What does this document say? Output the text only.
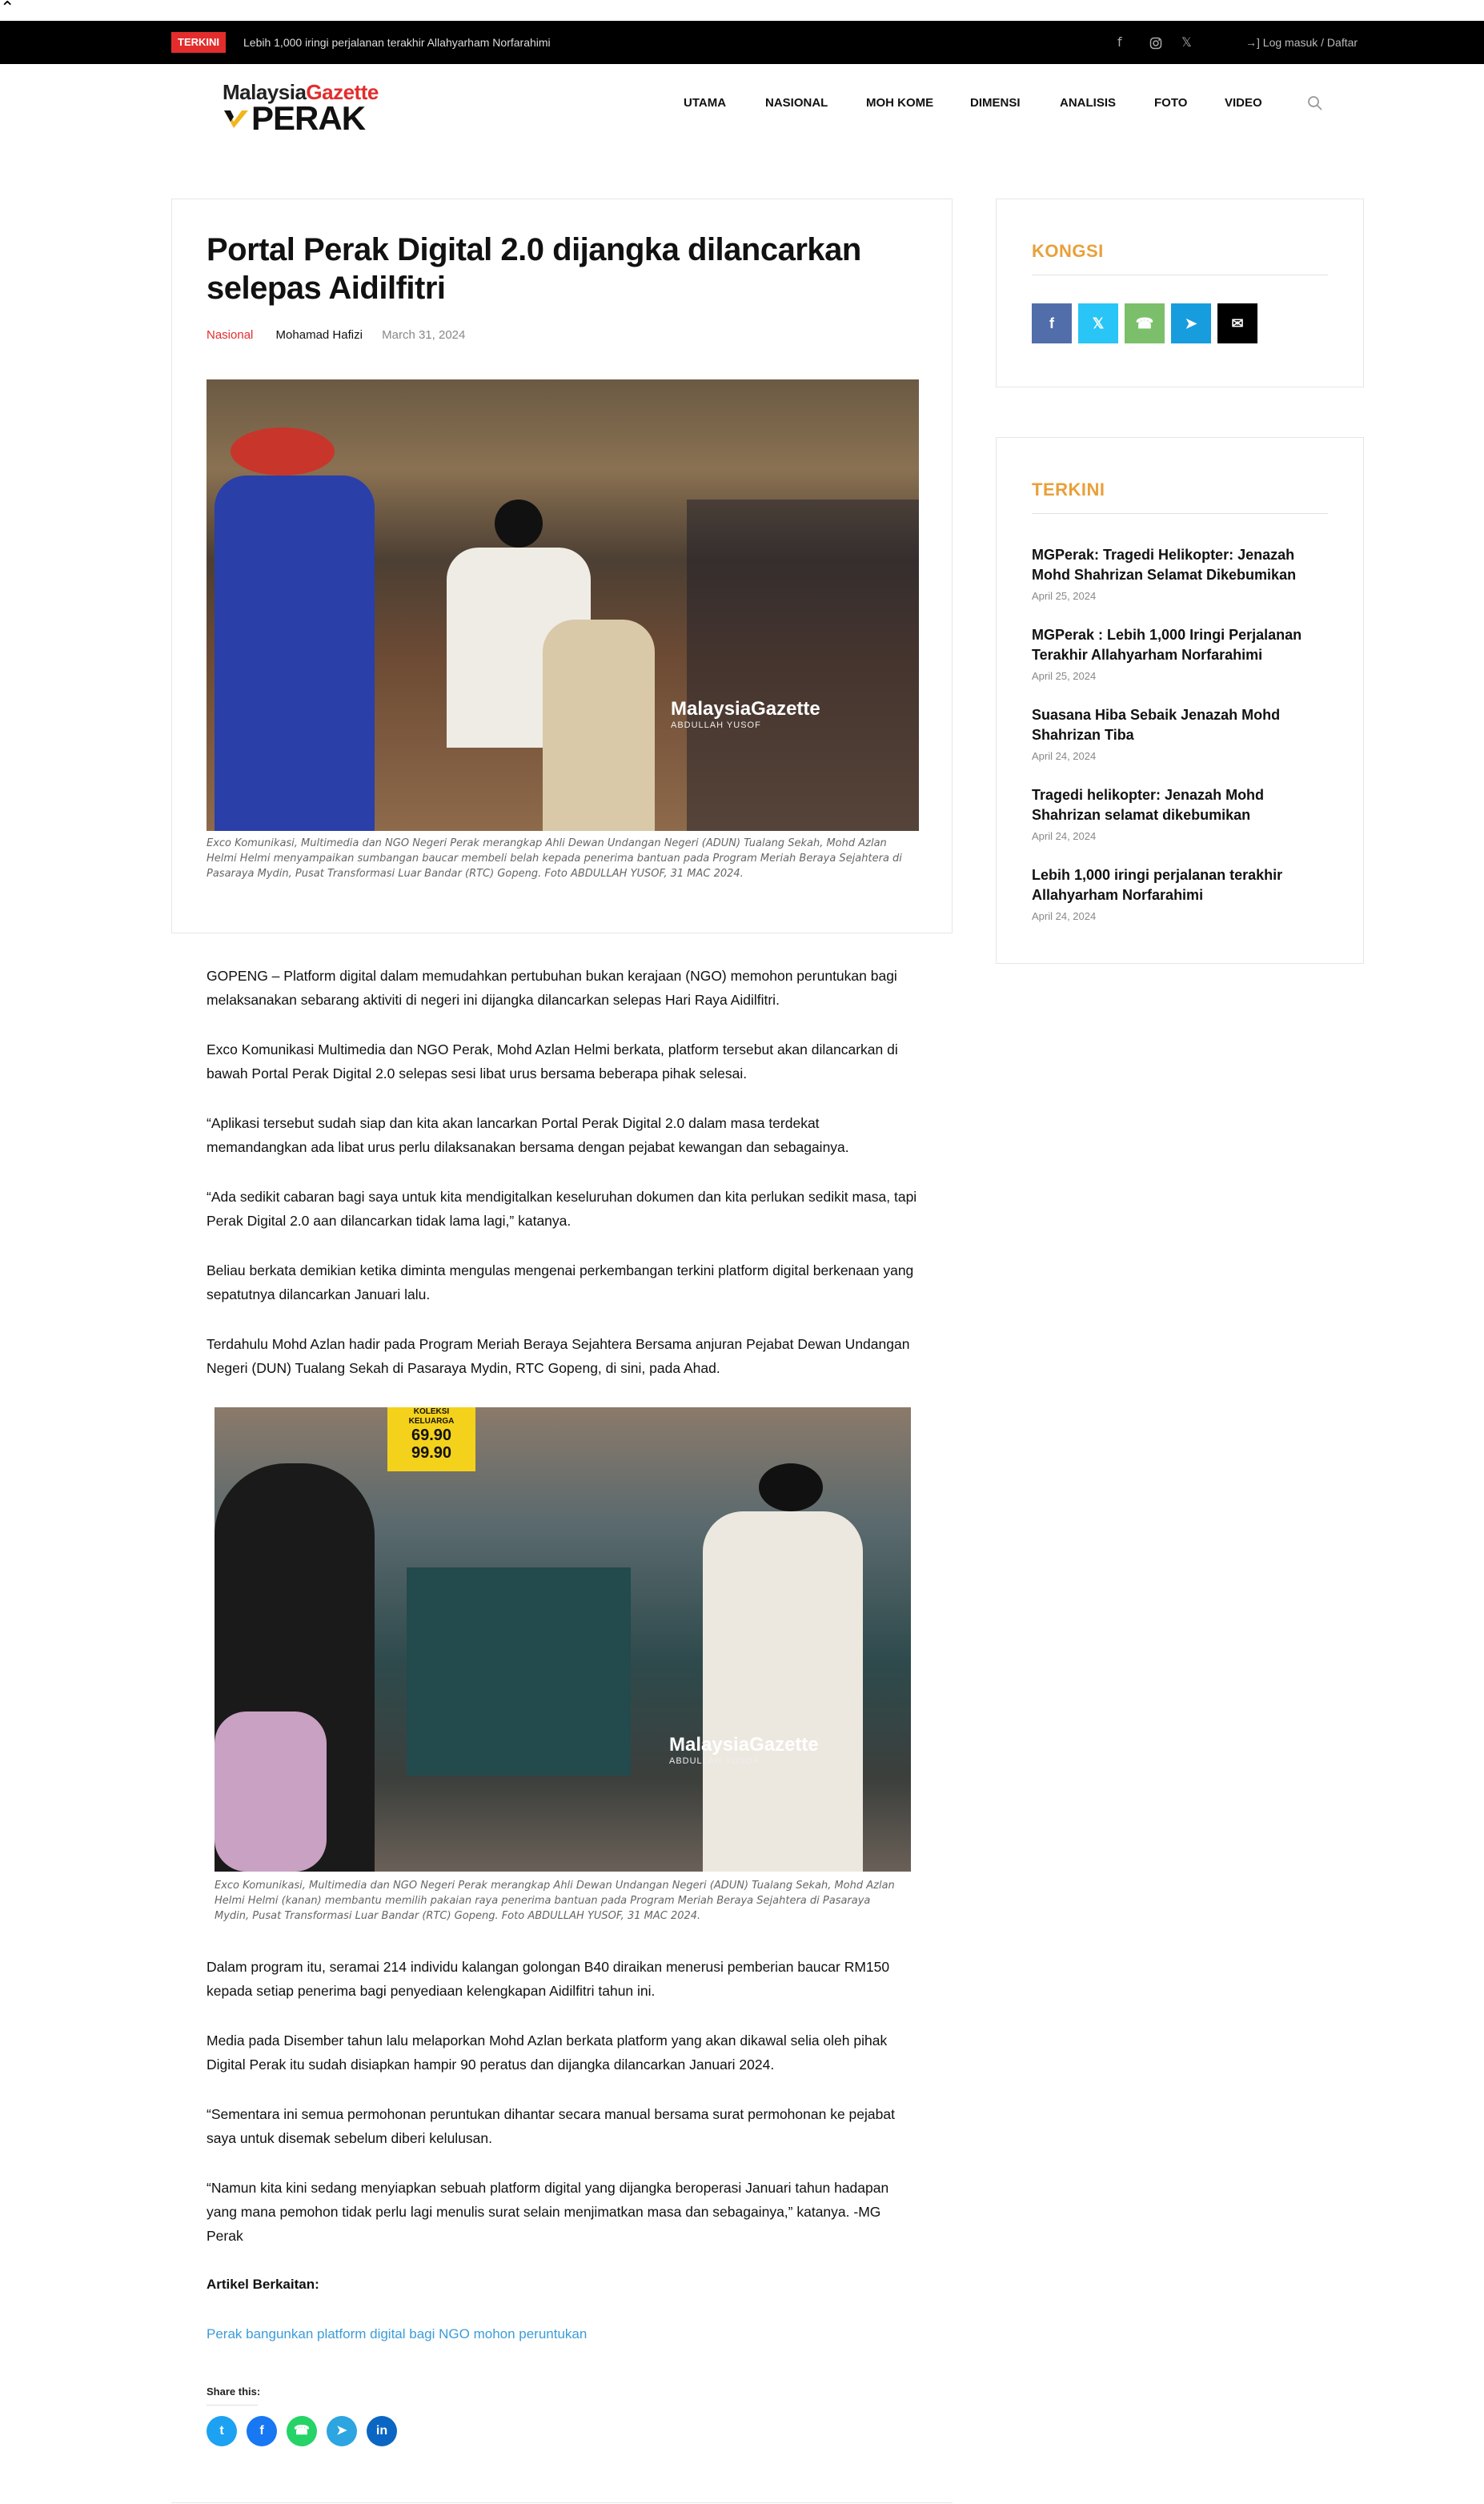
⌃
TERKINI	Lebih 1,000 iringi perjalanan terakhir Allahyarham Norfarahimi	f	𝕏	→] Log masuk / Daftar
MalaysiaGazette
PERAK	UTAMA	NASIONAL	MOH KOME	DIMENSI	ANALISIS	FOTO	VIDEO
Portal Perak Digital 2.0 dijangka dilancarkan selepas Aidilfitri
Nasional Mohamad Hafizi March 31, 2024
MalaysiaGazette
ABDULLAH YUSOF

Exco Komunikasi, Multimedia dan NGO Negeri Perak merangkap Ahli Dewan Undangan Negeri (ADUN) Tualang Sekah, Mohd Azlan Helmi Helmi menyampaikan sumbangan baucar membeli belah kepada penerima bantuan pada Program Meriah Beraya Sejahtera di Pasaraya Mydin, Pusat Transformasi Luar Bandar (RTC) Gopeng. Foto ABDULLAH YUSOF, 31 MAC 2024.

GOPENG – Platform digital dalam memudahkan pertubuhan bukan kerajaan (NGO) memohon peruntukan bagi melaksanakan sebarang aktiviti di negeri ini dijangka dilancarkan selepas Hari Raya Aidilfitri.

Exco Komunikasi Multimedia dan NGO Perak, Mohd Azlan Helmi berkata, platform tersebut akan dilancarkan di bawah Portal Perak Digital 2.0 selepas sesi libat urus bersama beberapa pihak selesai.

“Aplikasi tersebut sudah siap dan kita akan lancarkan Portal Perak Digital 2.0 dalam masa terdekat memandangkan ada libat urus perlu dilaksanakan bersama dengan pejabat kewangan dan sebagainya.

“Ada sedikit cabaran bagi saya untuk kita mendigitalkan keseluruhan dokumen dan kita perlukan sedikit masa, tapi Perak Digital 2.0 aan dilancarkan tidak lama lagi,” katanya.

Beliau berkata demikian ketika diminta mengulas mengenai perkembangan terkini platform digital berkenaan yang sepatutnya dilancarkan Januari lalu.

Terdahulu Mohd Azlan hadir pada Program Meriah Beraya Sejahtera Bersama anjuran Pejabat Dewan Undangan Negeri (DUN) Tualang Sekah di Pasaraya Mydin, RTC Gopeng, di sini, pada Ahad.

KOLEKSI
KELUARGA
69.90
99.90
MalaysiaGazette
ABDULLAH YUSOF

Exco Komunikasi, Multimedia dan NGO Negeri Perak merangkap Ahli Dewan Undangan Negeri (ADUN) Tualang Sekah, Mohd Azlan Helmi Helmi (kanan) membantu memilih pakaian raya penerima bantuan pada Program Meriah Beraya Sejahtera di Pasaraya Mydin, Pusat Transformasi Luar Bandar (RTC) Gopeng. Foto ABDULLAH YUSOF, 31 MAC 2024.

Dalam program itu, seramai 214 individu kalangan golongan B40 diraikan menerusi pemberian baucar RM150 kepada setiap penerima bagi penyediaan kelengkapan Aidilfitri tahun ini.

Media pada Disember tahun lalu melaporkan Mohd Azlan berkata platform yang akan dikawal selia oleh pihak Digital Perak itu sudah disiapkan hampir 90 peratus dan dijangka dilancarkan Januari 2024.

“Sementara ini semua permohonan peruntukan dihantar secara manual bersama surat permohonan ke pejabat saya untuk disemak sebelum diberi kelulusan.

“Namun kita kini sedang menyiapkan sebuah platform digital yang dijangka beroperasi Januari tahun hadapan yang mana pemohon tidak perlu lagi menulis surat selain menjimatkan masa dan sebagainya,” katanya. -MG Perak

Artikel Berkaitan:
Perak bangunkan platform digital bagi NGO mohon peruntukan
Share this:
t	f	☎	➤	in
KONGSI
f	𝕏	☎	➤	✉
TERKINI

MGPerak: Tragedi Helikopter: Jenazah Mohd Shahrizan Selamat Dikebumikan

April 25, 2024

MGPerak : Lebih 1,000 Iringi Perjalanan Terakhir Allahyarham Norfarahimi

April 25, 2024

Suasana Hiba Sebaik Jenazah Mohd Shahrizan Tiba

April 24, 2024

Tragedi helikopter: Jenazah Mohd Shahrizan selamat dikebumikan

April 24, 2024

Lebih 1,000 iringi perjalanan terakhir Allahyarham Norfarahimi

April 24, 2024
